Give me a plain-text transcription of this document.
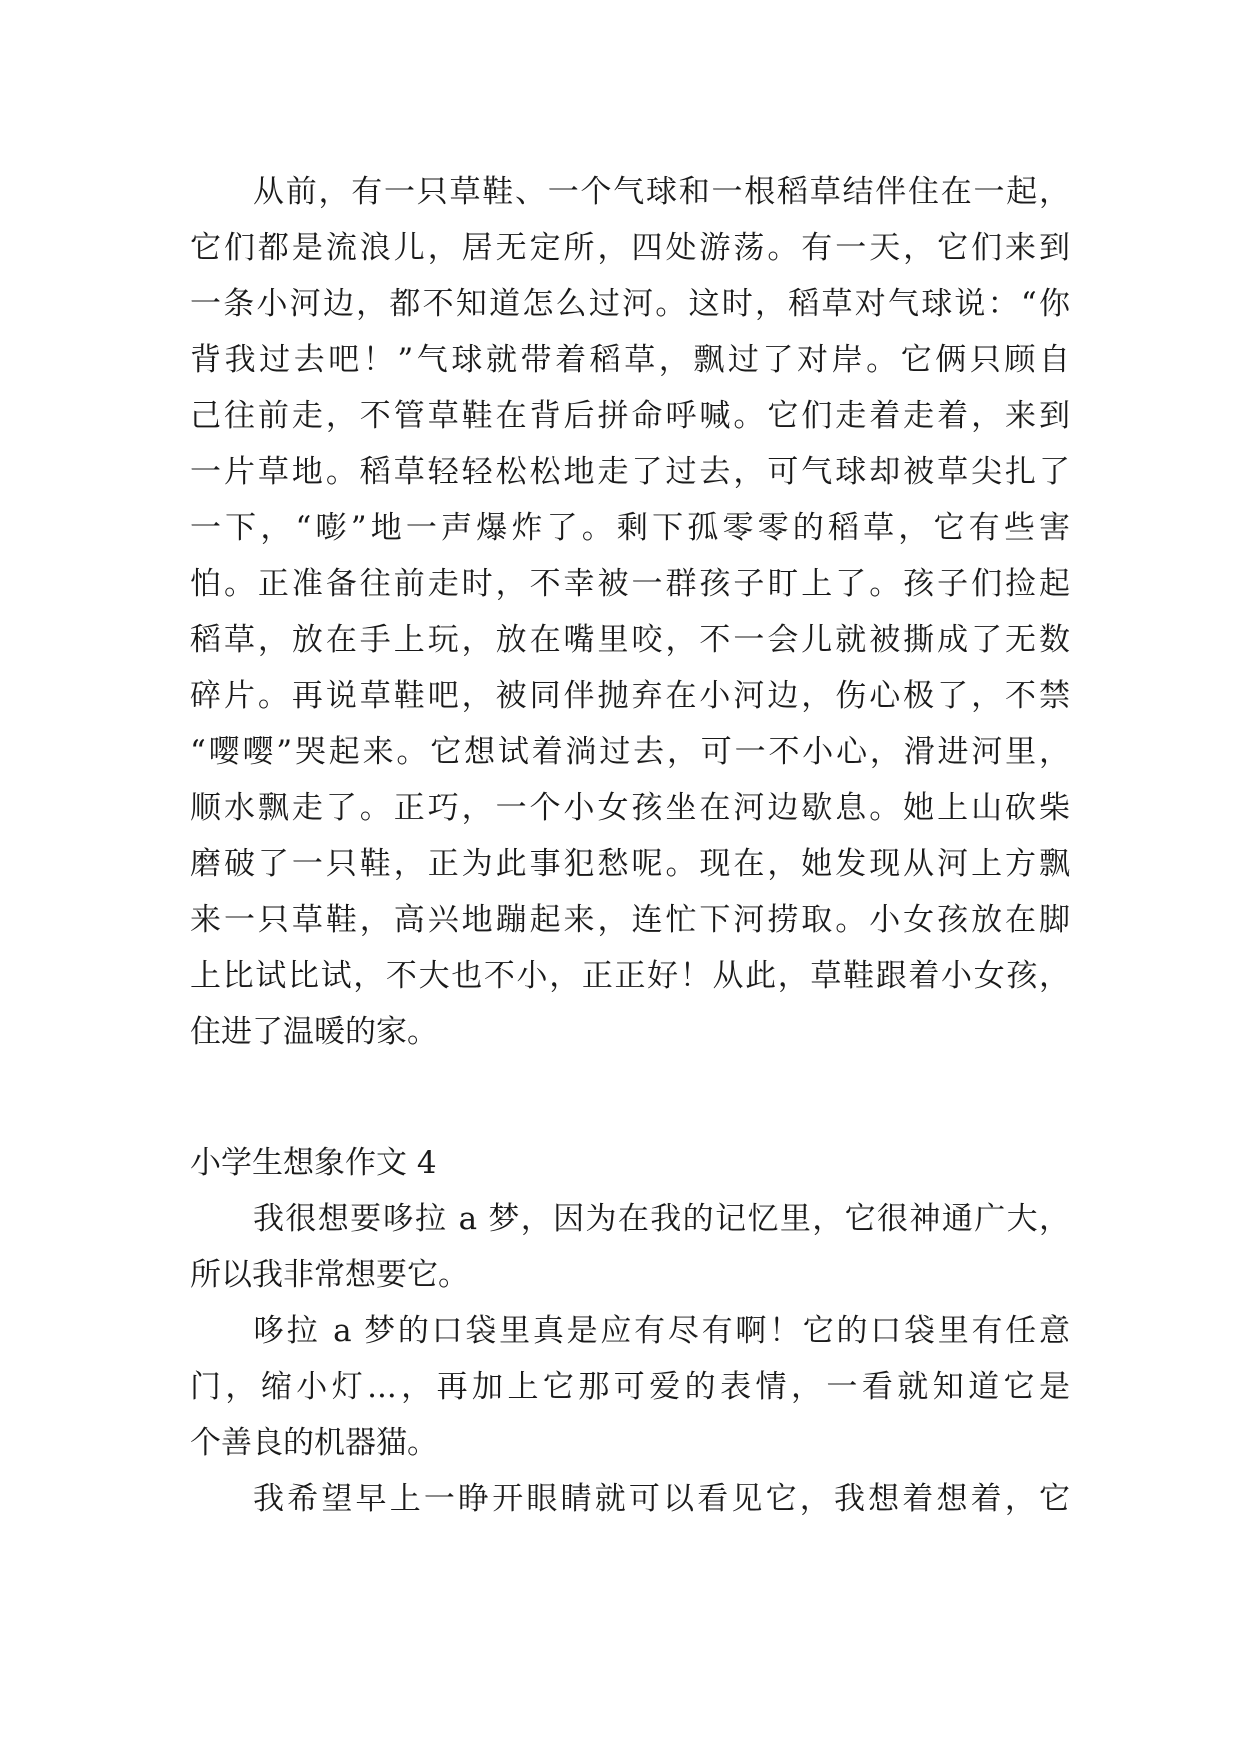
从前，有一只草鞋、一个气球和一根稻草结伴住在一起，
它们都是流浪儿，居无定所，四处游荡。有一天，它们来到
一条小河边，都不知道怎么过河。这时，稻草对气球说：“你
背我过去吧！”气球就带着稻草，飘过了对岸。它俩只顾自
己往前走，不管草鞋在背后拼命呼喊。它们走着走着，来到
一片草地。稻草轻轻松松地走了过去，可气球却被草尖扎了
一下，“嘭”地一声爆炸了。剩下孤零零的稻草，它有些害
怕。正准备往前走时，不幸被一群孩子盯上了。孩子们捡起
稻草，放在手上玩，放在嘴里咬，不一会儿就被撕成了无数
碎片。再说草鞋吧，被同伴抛弃在小河边，伤心极了，不禁
“嘤嘤”哭起来。它想试着淌过去，可一不小心，滑进河里，
顺水飘走了。正巧，一个小女孩坐在河边歇息。她上山砍柴
磨破了一只鞋，正为此事犯愁呢。现在，她发现从河上方飘
来一只草鞋，高兴地蹦起来，连忙下河捞取。小女孩放在脚
上比试比试，不大也不小，正正好！从此，草鞋跟着小女孩，
住进了温暖的家。
小学生想象作文 4
我很想要哆拉 a 梦，因为在我的记忆里，它很神通广大，
所以我非常想要它。
哆拉 a 梦的口袋里真是应有尽有啊！它的口袋里有任意
门，缩小灯...，再加上它那可爱的表情，一看就知道它是
个善良的机器猫。
我希望早上一睁开眼睛就可以看见它，我想着想着，它
